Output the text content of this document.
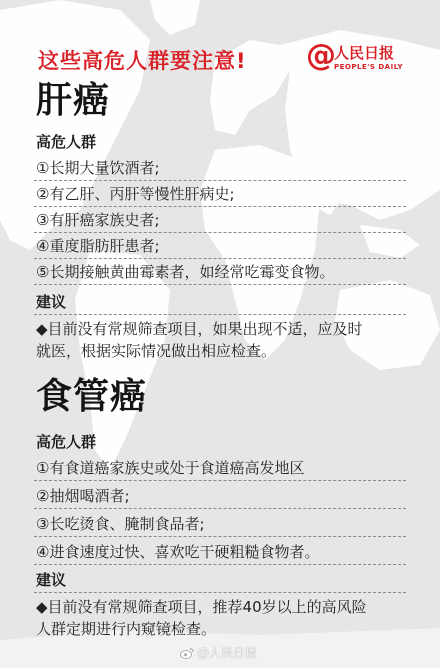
这些高危人群要注意! @
人民日报
PEOPLE'S DAILY
肝癌
高危人群
①长期大量饮酒者;
②有乙肝、丙肝等慢性肝病史;
③有肝癌家族史者;
④重度脂肪肝患者;
⑤长期接触黄曲霉素者，如经常吃霉变食物。
建议
◆目前没有常规筛查项目，如果出现不适，应及时
就医，根据实际情况做出相应检查。
食管癌
高危人群
①有食道癌家族史或处于食道癌高发地区
②抽烟喝酒者;
③长吃烫食、腌制食品者;
④进食速度过快、喜欢吃干硬粗糙食物者。
建议
◆目前没有常规筛查项目，推荐40岁以上的高风险
人群定期进行内窥镜检查。
@人民日报
